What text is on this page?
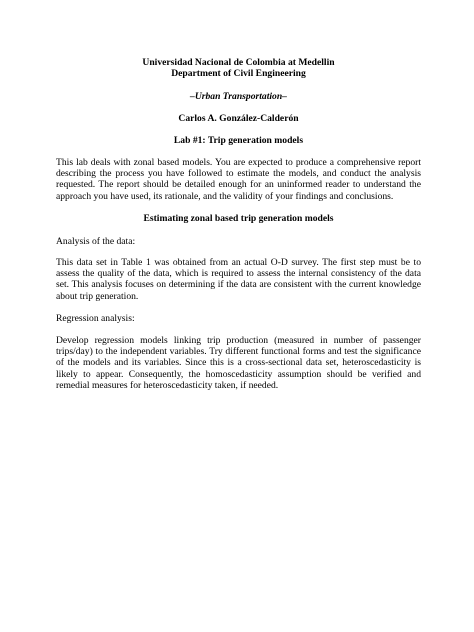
Universidad Nacional de Colombia at Medellin

Department of Civil Engineering

–Urban Transportation–

Carlos A. González-Calderón

Lab #1: Trip generation models

This lab deals with zonal based models. You are expected to produce a comprehensive report describing the process you have followed to estimate the models, and conduct the analysis requested. The report should be detailed enough for an uninformed reader to understand the approach you have used, its rationale, and the validity of your findings and conclusions.

Estimating zonal based trip generation models

Analysis of the data:

This data set in Table 1 was obtained from an actual O-D survey. The first step must be to assess the quality of the data, which is required to assess the internal consistency of the data set. This analysis focuses on determining if the data are consistent with the current knowledge about trip generation.

Regression analysis:

Develop regression models linking trip production (measured in number of passenger trips/day) to the independent variables. Try different functional forms and test the significance of the models and its variables. Since this is a cross-sectional data set, heteroscedasticity is likely to appear. Consequently, the homoscedasticity assumption should be verified and remedial measures for heteroscedasticity taken, if needed.
